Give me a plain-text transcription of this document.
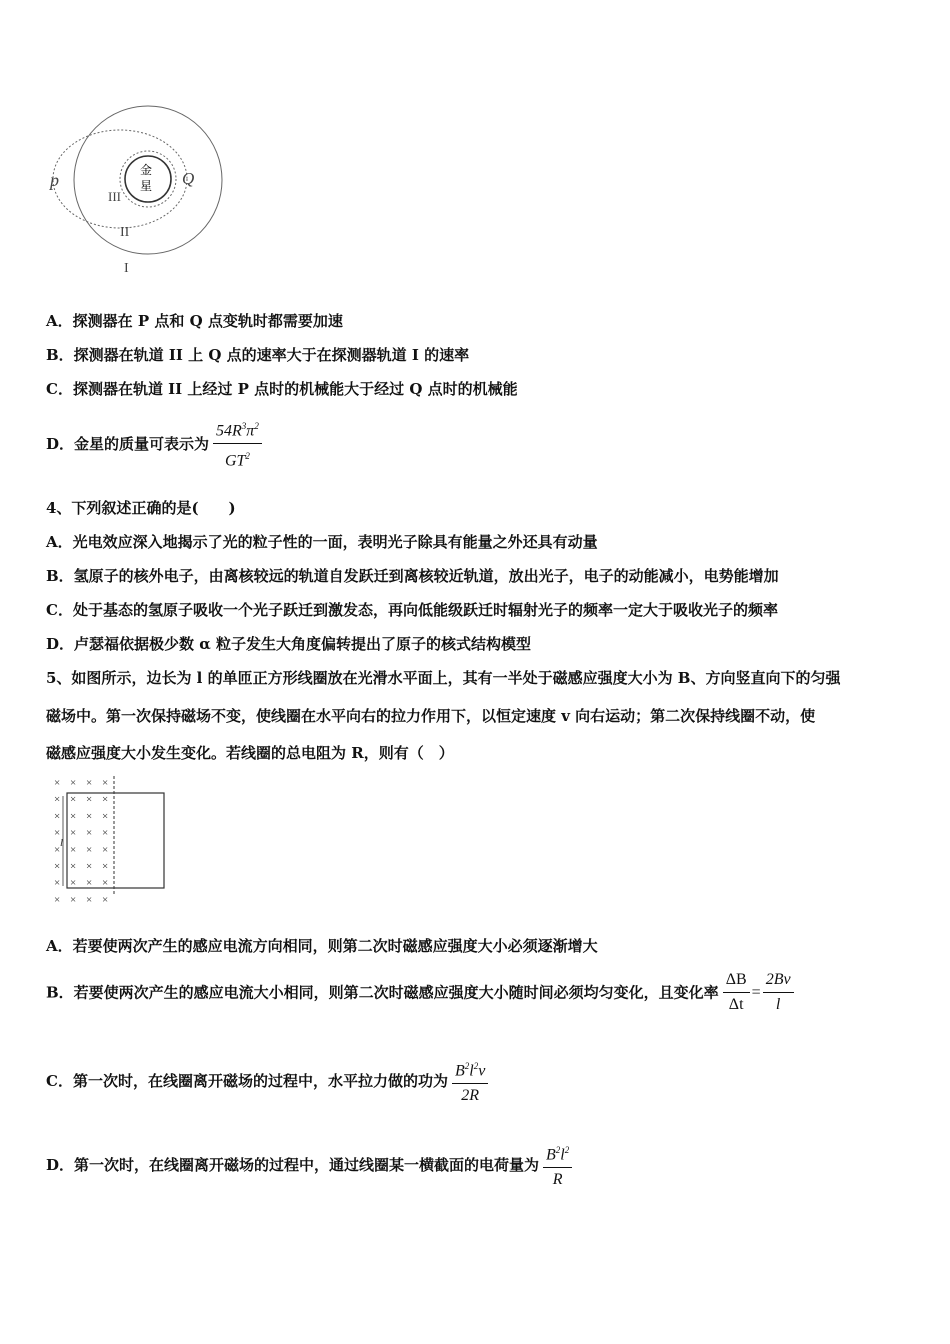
金
星
p	Q
III
II
I
A．探测器在 P 点和 Q 点变轨时都需要加速
B．探测器在轨道 II 上 Q 点的速率大于在探测器轨道 I 的速率
C．探测器在轨道 II 上经过 P 点时的机械能大于经过 Q 点时的机械能
D．金星的质量可表示为 $\frac{54R^3\pi^2}{GT^2}$
4、下列叙述正确的是(　　)
A．光电效应深入地揭示了光的粒子性的一面，表明光子除具有能量之外还具有动量
B．氢原子的核外电子，由离核较远的轨道自发跃迁到离核较近轨道，放出光子，电子的动能减小，电势能增加
C．处于基态的氢原子吸收一个光子跃迁到激发态，再向低能级跃迁时辐射光子的频率一定大于吸收光子的频率
D．卢瑟福依据极少数 α 粒子发生大角度偏转提出了原子的核式结构模型
5、如图所示，边长为 l 的单匝正方形线圈放在光滑水平面上，其有一半处于磁感应强度大小为 B、方向竖直向下的匀强
磁场中。第一次保持磁场不变，使线圈在水平向右的拉力作用下，以恒定速度 v 向右运动；第二次保持线圈不动，使
磁感应强度大小发生变化。若线圈的总电阻为 R，则有（　）
× × × ×
× × × ×
× × × ×
× × × ×
× × × ×
× × × ×
× × × ×
× × × ×
l
A．若要使两次产生的感应电流方向相同，则第二次时磁感应强度大小必须逐渐增大
B．若要使两次产生的感应电流大小相同，则第二次时磁感应强度大小随时间必须均匀变化，且变化率 $\frac{\Delta B}{\Delta t} = \frac{2Bv}{l}$
C．第一次时，在线圈离开磁场的过程中，水平拉力做的功为 $\frac{B^2l^2v}{2R}$
D．第一次时，在线圈离开磁场的过程中，通过线圈某一横截面的电荷量为 $\frac{B^2l^2}{R}$
